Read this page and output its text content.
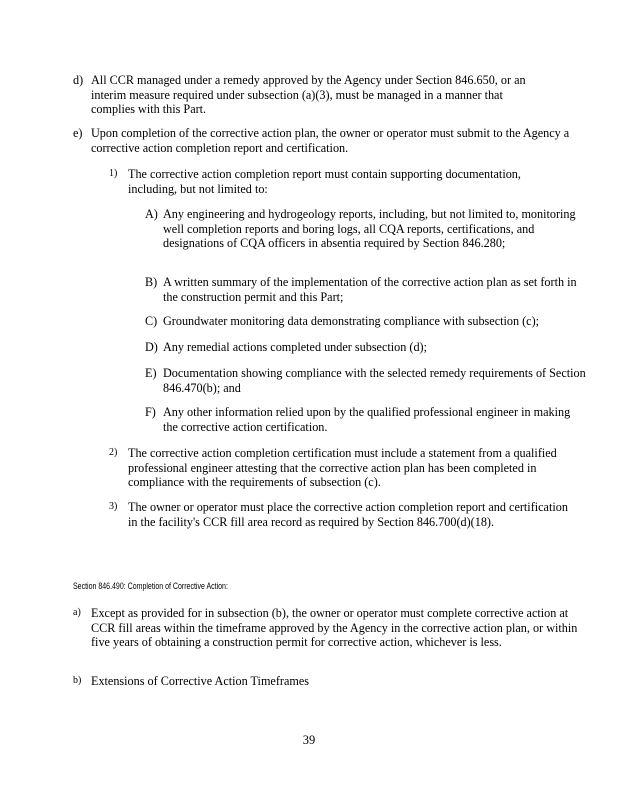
d) All CCR managed under a remedy approved by the Agency under Section 846.650, or an interim measure required under subsection (a)(3), must be managed in a manner that complies with this Part.
e) Upon completion of the corrective action plan, the owner or operator must submit to the Agency a corrective action completion report and certification.
1) The corrective action completion report must contain supporting documentation, including, but not limited to:
A) Any engineering and hydrogeology reports, including, but not limited to, monitoring well completion reports and boring logs, all CQA reports, certifications, and designations of CQA officers in absentia required by Section 846.280;
B) A written summary of the implementation of the corrective action plan as set forth in the construction permit and this Part;
C) Groundwater monitoring data demonstrating compliance with subsection (c);
D) Any remedial actions completed under subsection (d);
E) Documentation showing compliance with the selected remedy requirements of Section 846.470(b); and
F) Any other information relied upon by the qualified professional engineer in making the corrective action certification.
2) The corrective action completion certification must include a statement from a qualified professional engineer attesting that the corrective action plan has been completed in compliance with the requirements of subsection (c).
3) The owner or operator must place the corrective action completion report and certification in the facility's CCR fill area record as required by Section 846.700(d)(18).
Section 846.490: Completion of Corrective Action:
a) Except as provided for in subsection (b), the owner or operator must complete corrective action at CCR fill areas within the timeframe approved by the Agency in the corrective action plan, or within five years of obtaining a construction permit for corrective action, whichever is less.
b) Extensions of Corrective Action Timeframes
39
